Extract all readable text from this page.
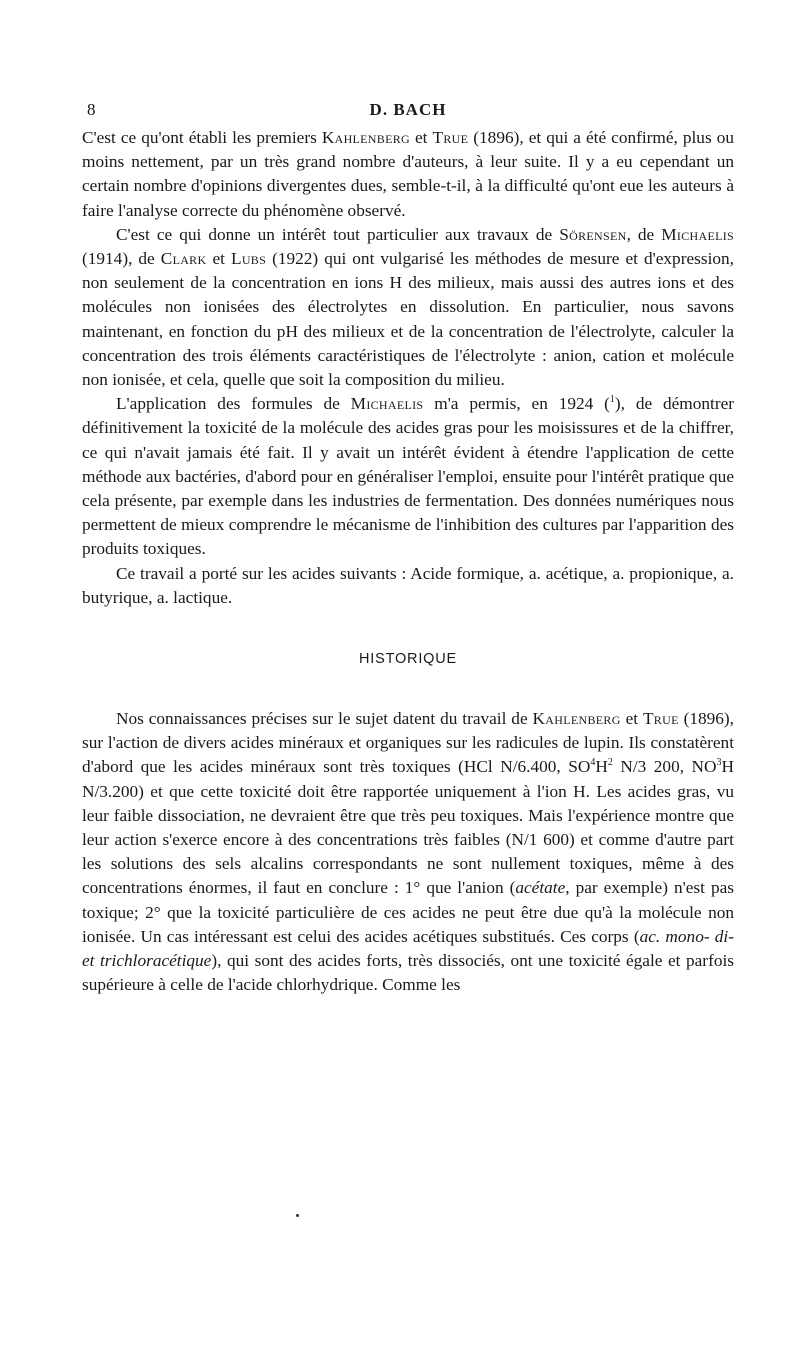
8	D. BACH

C'est ce qu'ont établi les premiers Kahlenberg et True (1896), et qui a été confirmé, plus ou moins nettement, par un très grand nombre d'auteurs, à leur suite. Il y a eu cependant un certain nombre d'opinions divergentes dues, semble-t-il, à la difficulté qu'ont eue les auteurs à faire l'analyse correcte du phénomène observé.

C'est ce qui donne un intérêt tout particulier aux travaux de Sörensen, de Michaelis (1914), de Clark et Lubs (1922) qui ont vulgarisé les méthodes de mesure et d'expression, non seulement de la concentration en ions H des milieux, mais aussi des autres ions et des molécules non ionisées des électrolytes en dissolution. En particulier, nous savons maintenant, en fonction du pH des milieux et de la concentration de l'électrolyte, calculer la concentration des trois éléments caractéristiques de l'électrolyte : anion, cation et molécule non ionisée, et cela, quelle que soit la composition du milieu.

L'application des formules de Michaelis m'a permis, en 1924 ($^1$), de démontrer définitivement la toxicité de la molécule des acides gras pour les moisissures et de la chiffrer, ce qui n'avait jamais été fait. Il y avait un intérêt évident à étendre l'application de cette méthode aux bactéries, d'abord pour en généraliser l'emploi, ensuite pour l'intérêt pratique que cela présente, par exemple dans les industries de fermentation. Des données numériques nous permettent de mieux comprendre le mécanisme de l'inhibition des cultures par l'apparition des produits toxiques.

Ce travail a porté sur les acides suivants : Acide formique, a. acétique, a. propionique, a. butyrique, a. lactique.

HISTORIQUE

Nos connaissances précises sur le sujet datent du travail de Kahlenberg et True (1896), sur l'action de divers acides minéraux et organiques sur les radicules de lupin. Ils constatèrent d'abord que les acides minéraux sont très toxiques (HCl N/6.400, $SO^4H^2$ N/3 200, $NO^3H$ N/3.200) et que cette toxicité doit être rapportée uniquement à l'ion H. Les acides gras, vu leur faible dissociation, ne devraient être que très peu toxiques. Mais l'expérience montre que leur action s'exerce encore à des concentrations très faibles (N/1 600) et comme d'autre part les solutions des sels alcalins correspondants ne sont nullement toxiques, même à des concentrations énormes, il faut en conclure : 1° que l'anion (acétate, par exemple) n'est pas toxique; 2° que la toxicité particulière de ces acides ne peut être due qu'à la molécule non ionisée. Un cas intéressant est celui des acides acétiques substitués. Ces corps (ac. mono- di- et trichloracétique), qui sont des acides forts, très dissociés, ont une toxicité égale et parfois supérieure à celle de l'acide chlorhydrique. Comme les
